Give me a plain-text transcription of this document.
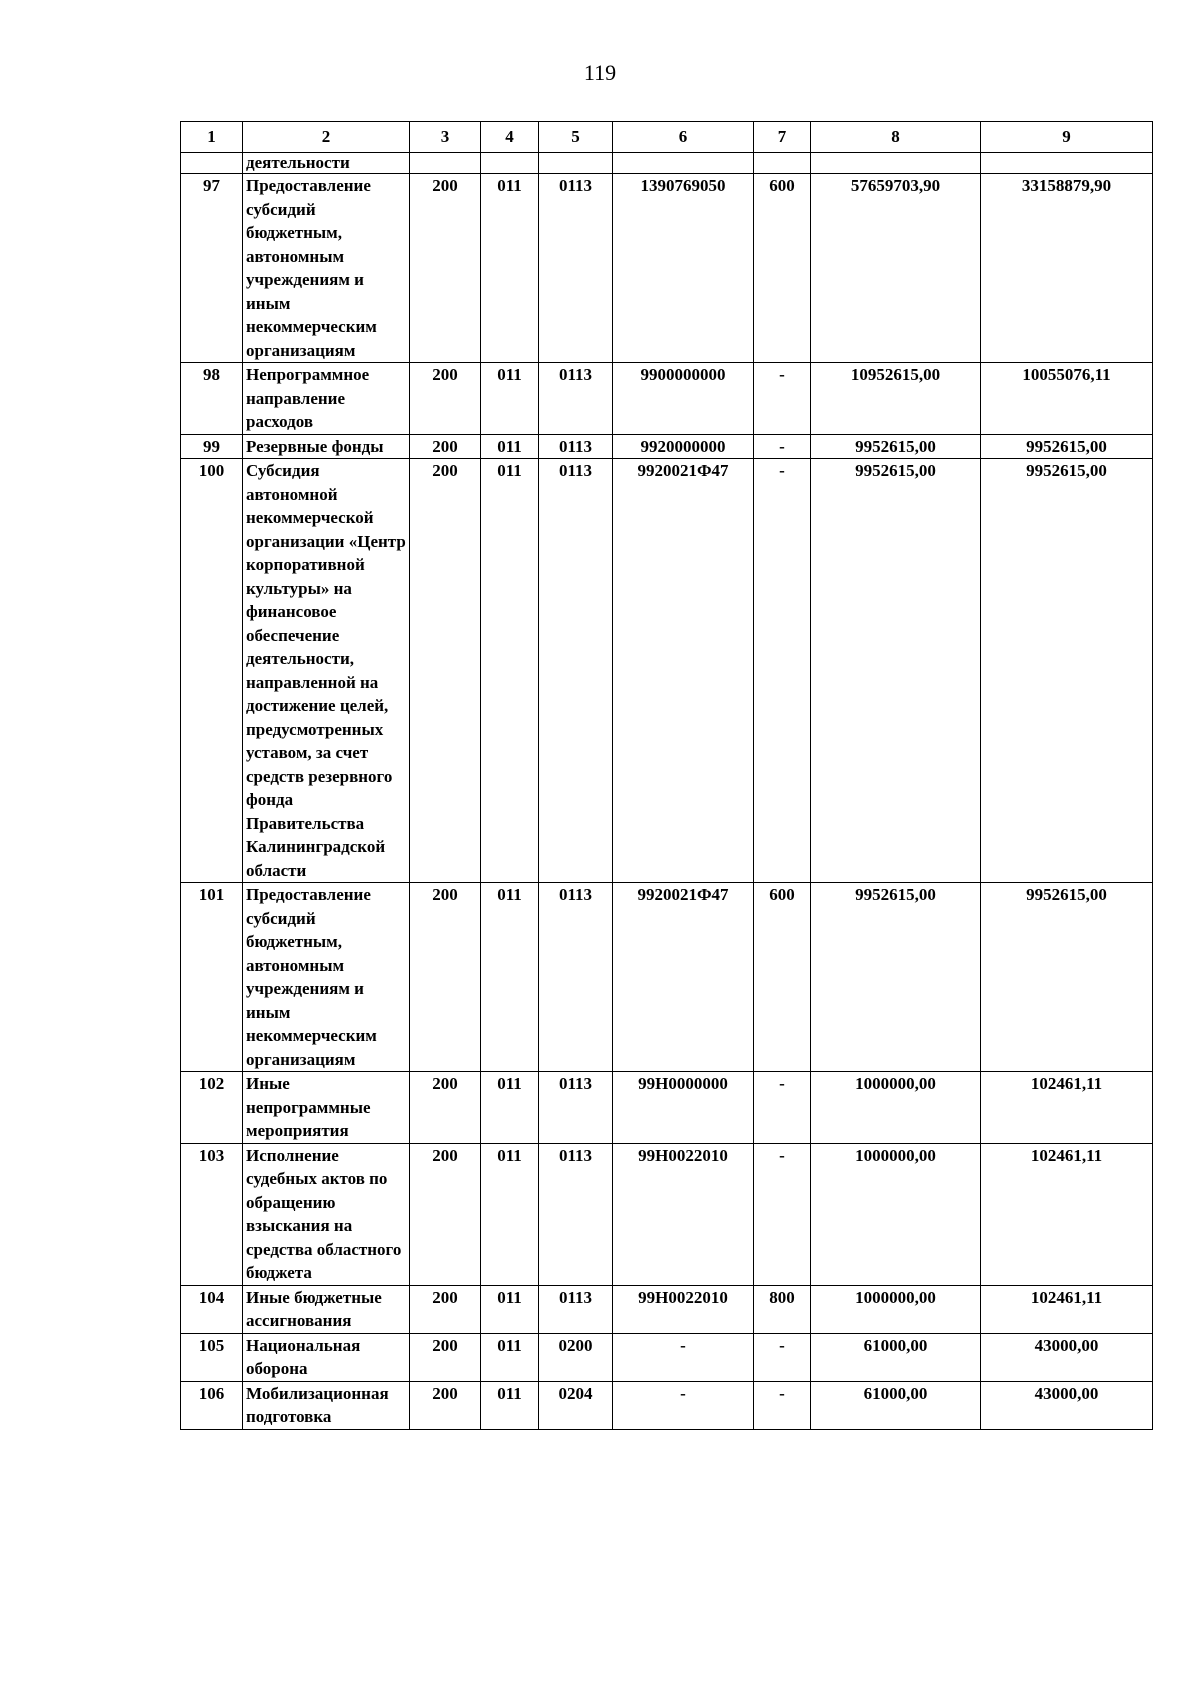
119
1	2	3	4	5	6	7	8	9
	деятельности							
97	Предоставление субсидий бюджетным, автономным учреждениям и иным некоммерческим организациям	200	011	0113	1390769050	600	57659703,90	33158879,90
98	Непрограммное направление расходов	200	011	0113	9900000000	-	10952615,00	10055076,11
99	Резервные фонды	200	011	0113	9920000000	-	9952615,00	9952615,00
100	Субсидия автономной некоммерческой организации «Центр корпоративной культуры» на финансовое обеспечение деятельности, направленной на достижение целей, предусмотренных уставом, за счет средств резервного фонда Правительства Калининградской области	200	011	0113	9920021Ф47	-	9952615,00	9952615,00
101	Предоставление субсидий бюджетным, автономным учреждениям и иным некоммерческим организациям	200	011	0113	9920021Ф47	600	9952615,00	9952615,00
102	Иные непрограммные мероприятия	200	011	0113	99Н0000000	-	1000000,00	102461,11
103	Исполнение судебных актов по обращению взыскания на средства областного бюджета	200	011	0113	99Н0022010	-	1000000,00	102461,11
104	Иные бюджетные ассигнования	200	011	0113	99Н0022010	800	1000000,00	102461,11
105	Национальная оборона	200	011	0200	-	-	61000,00	43000,00
106	Мобилизационная подготовка	200	011	0204	-	-	61000,00	43000,00
